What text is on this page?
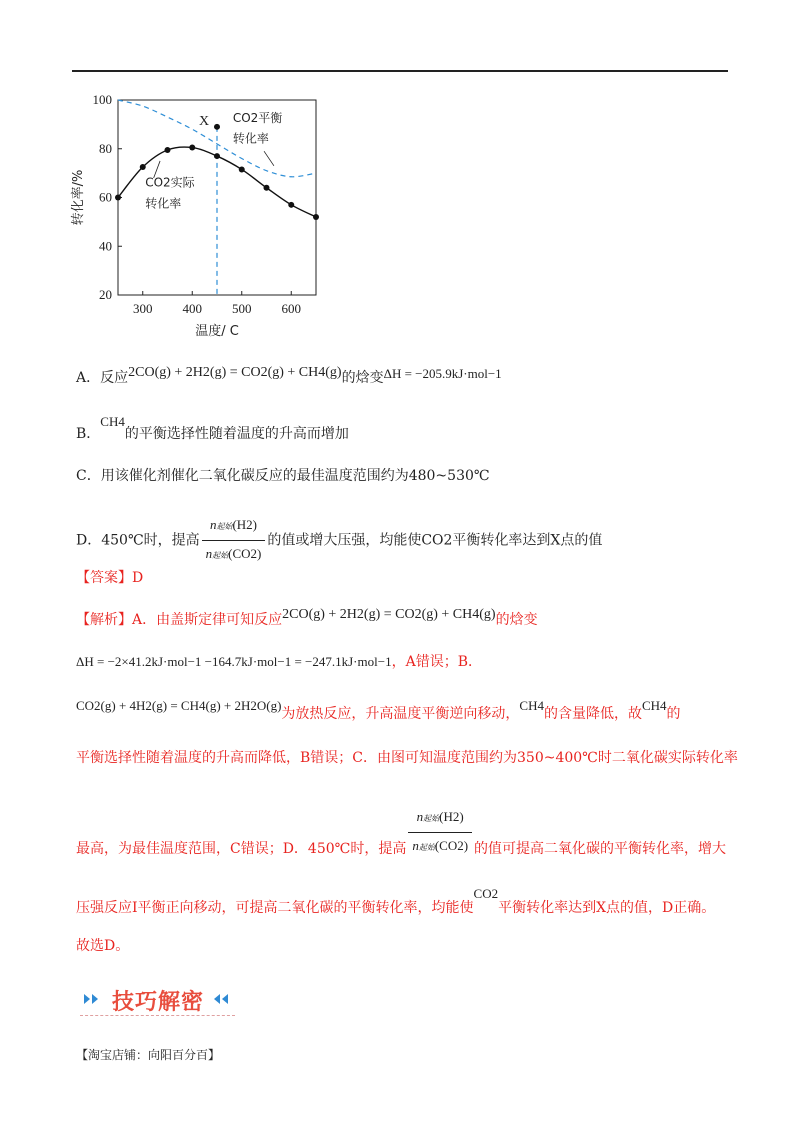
20
40
60
80
100
300 400 500 600
温度/ C
转化率/%
X CO2平衡
转化率
CO2实际
转化率
A．反应2CO(g) + 2H2(g) = CO2(g) + CH4(g)的焓变ΔH = −205.9kJ·mol−1
B．CH4的平衡选择性随着温度的升高而增加
C．用该催化剂催化二氧化碳反应的最佳温度范围约为480~530℃
D．450℃时，提高 $\frac{\text{n起始(H2)}}{\text{n起始(CO2)}}$ 的值或增大压强，均能使CO2平衡转化率达到X点的值
【答案】D
【解析】A．由盖斯定律可知反应2CO(g) + 2H2(g) = CO2(g) + CH4(g)的焓变
ΔH = −2×41.2kJ·mol−1 −164.7kJ·mol−1 = −247.1kJ·mol−1，A错误；B．
CO2(g) + 4H2(g) = CH4(g) + 2H2O(g)为放热反应，升高温度平衡逆向移动，CH4的含量降低，故CH4的
平衡选择性随着温度的升高而降低，B错误；C．由图可知温度范围约为350~400℃时二氧化碳实际转化率
最高，为最佳温度范围，C错误；D．450℃时，提高 $\frac{\text{n起始(H2)}}{\text{n起始(CO2)}}$ 的值可提高二氧化碳的平衡转化率，增大
压强反应I平衡正向移动，可提高二氧化碳的平衡转化率，均能使CO2平衡转化率达到X点的值，D正确。
故选D。
技巧解密
【淘宝店铺：向阳百分百】
